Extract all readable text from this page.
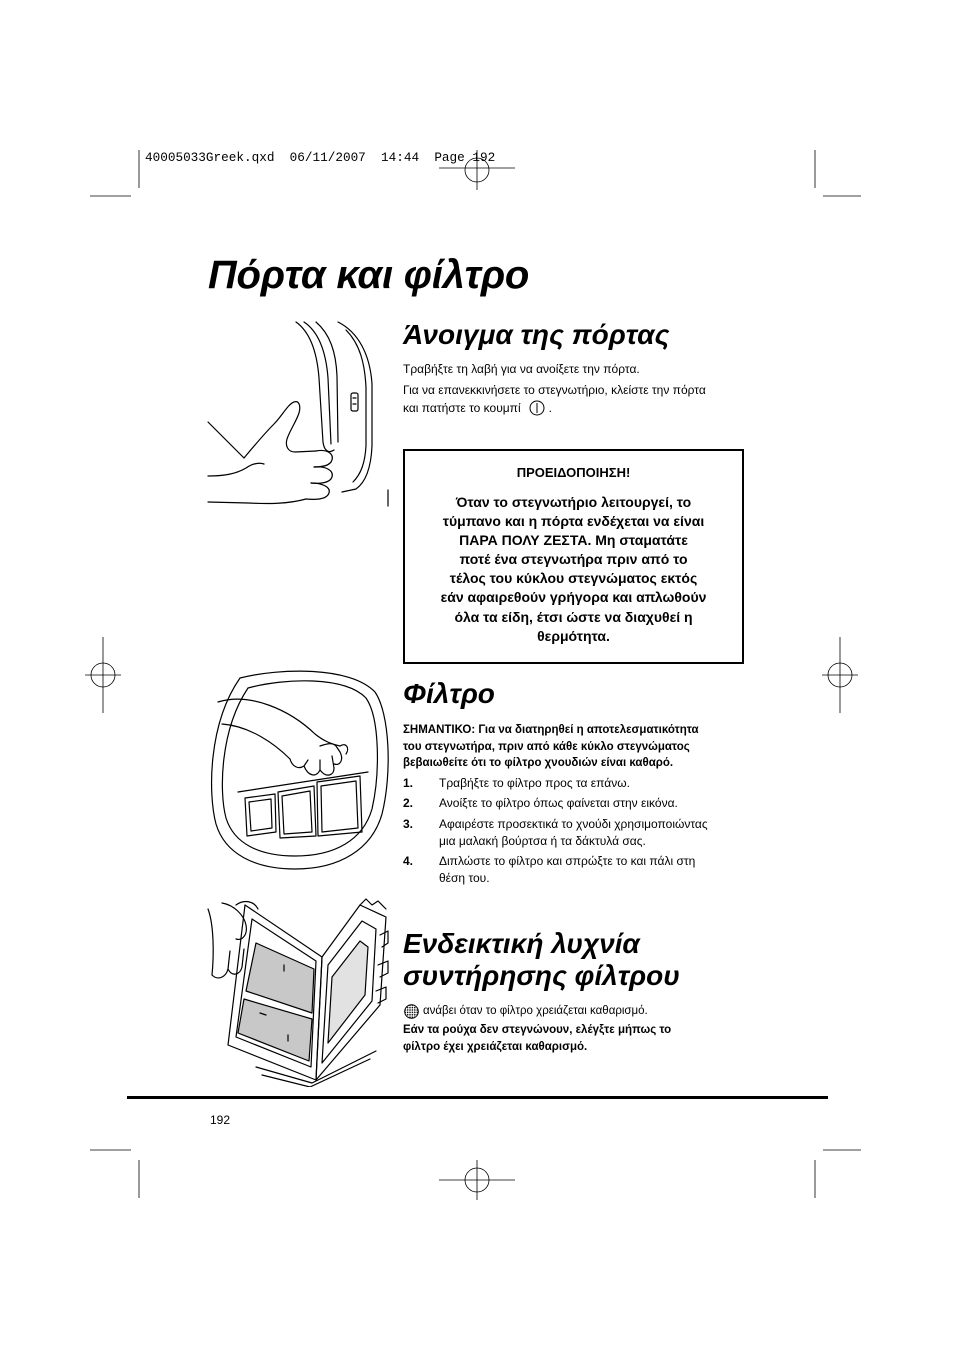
40005033Greek.qxd  06/11/2007  14:44  Page 192
Πόρτα και φίλτρο
Άνοιγμα της πόρτας
Τραβήξτε τη λαβή για να ανοίξετε την πόρτα.
Για να επανεκκινήσετε το στεγνωτήριο, κλείστε την πόρτα
και πατήστε το κουμπί .
ΠΡΟΕΙΔΟΠΟΙΗΣΗ!
Όταν το στεγνωτήριο λειτουργεί, το
τύμπανο και η πόρτα ενδέχεται να είναι
ΠΑΡΑ ΠΟΛΥ ΖΕΣΤΑ. Μη σταματάτε
ποτέ ένα στεγνωτήρα πριν από το
τέλος του κύκλου στεγνώματος εκτός
εάν αφαιρεθούν γρήγορα και απλωθούν
όλα τα είδη, έτσι ώστε να διαχυθεί η
θερμότητα.
Φίλτρο
ΣΗΜΑΝΤΙΚΟ: Για να διατηρηθεί η αποτελεσματικότητα
του στεγνωτήρα, πριν από κάθε κύκλο στεγνώματος
βεβαιωθείτε ότι το φίλτρο χνουδιών είναι καθαρό.
1. Τραβήξτε το φίλτρο προς τα επάνω.
2. Ανοίξτε το φίλτρο όπως φαίνεται στην εικόνα.
3. Αφαιρέστε προσεκτικά το χνούδι χρησιμοποιώντας
μια μαλακή βούρτσα ή τα δάκτυλά σας.
4. Διπλώστε το φίλτρο και σπρώξτε το και πάλι στη
θέση του.
Ενδεικτική λυχνία
συντήρησης φίλτρου
ανάβει όταν το φίλτρο χρειάζεται καθαρισμό.
Εάν τα ρούχα δεν στεγνώνουν, ελέγξτε μήπως το
φίλτρο έχει χρειάζεται καθαρισμό.
192
